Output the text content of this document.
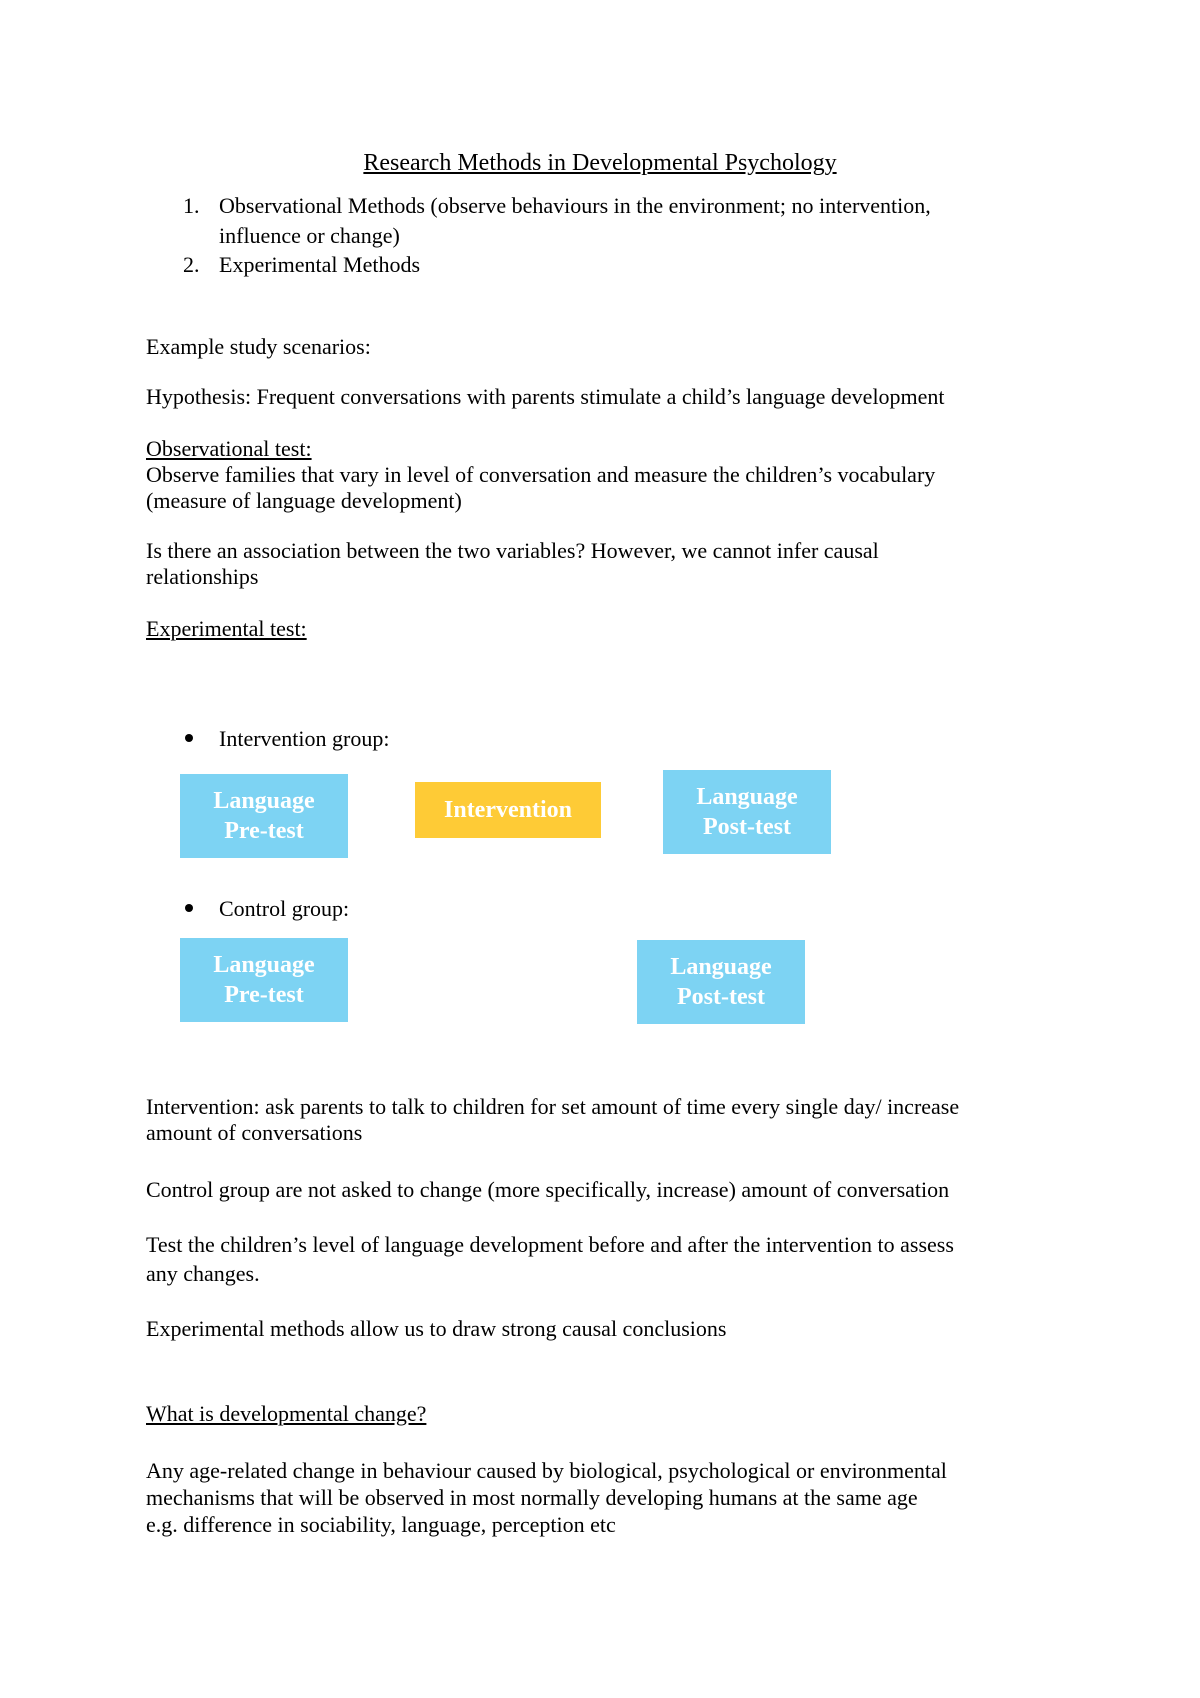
Research Methods in Developmental Psychology
1. Observational Methods (observe behaviours in the environment; no intervention,
influence or change)
2. Experimental Methods
Example study scenarios:
Hypothesis: Frequent conversations with parents stimulate a child’s language development
Observational test:
Observe families that vary in level of conversation and measure the children’s vocabulary
(measure of language development)
Is there an association between the two variables? However, we cannot infer causal
relationships
Experimental test:
Intervention group:
Language
Pre-test
Intervention	Language
Post-test
Control group:
Language
Pre-test
Language
Post-test
Intervention: ask parents to talk to children for set amount of time every single day/ increase
amount of conversations
Control group are not asked to change (more specifically, increase) amount of conversation
Test the children’s level of language development before and after the intervention to assess
any changes.
Experimental methods allow us to draw strong causal conclusions
What is developmental change?
Any age-related change in behaviour caused by biological, psychological or environmental
mechanisms that will be observed in most normally developing humans at the same age
e.g. difference in sociability, language, perception etc
